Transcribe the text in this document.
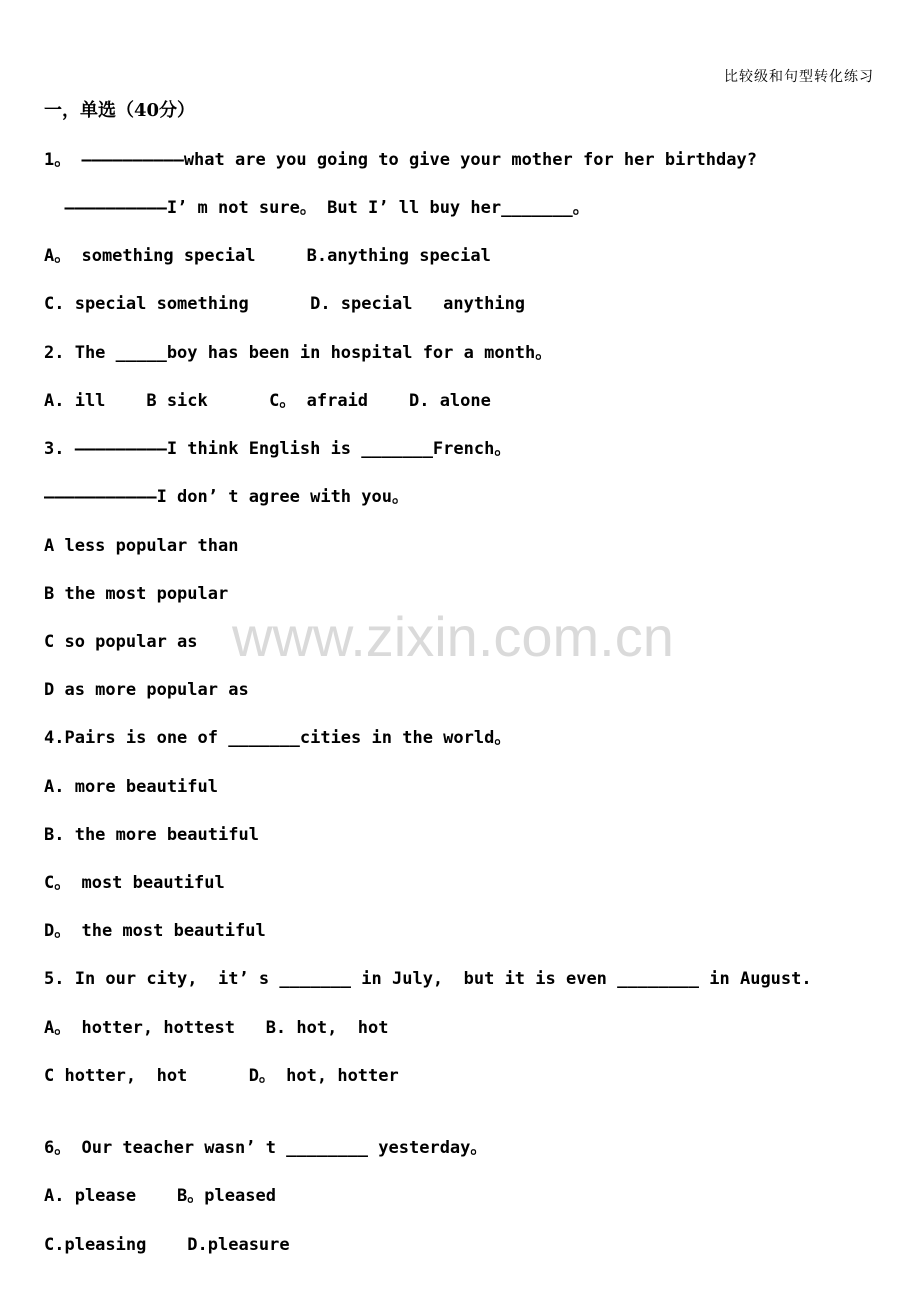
比较级和句型转化练习
一，单选（40分）
1。 ——————————what are you going to give your mother for her birthday?
——————————I’ m not sure。 But I’ ll buy her_______。
A。 something special     B.anything special
C. special something      D. special   anything
2. The _____boy has been in hospital for a month。
A. ill    B sick      C。 afraid    D. alone
3. —————————I think English is _______French。
———————————I don’ t agree with you。
A less popular than
B the most popular
C so popular as
D as more popular as
4.Pairs is one of _______cities in the world。
A. more beautiful
B. the more beautiful
C。 most beautiful
D。 the most beautiful
5. In our city,  it’ s _______ in July,  but it is even ________ in August.
A。 hotter, hottest   B. hot,  hot
C hotter,  hot      D。 hot, hotter
6。 Our teacher wasn’ t ________ yesterday。
A. please    B。pleased
C.pleasing    D.pleasure
www.zixin.com.cn
